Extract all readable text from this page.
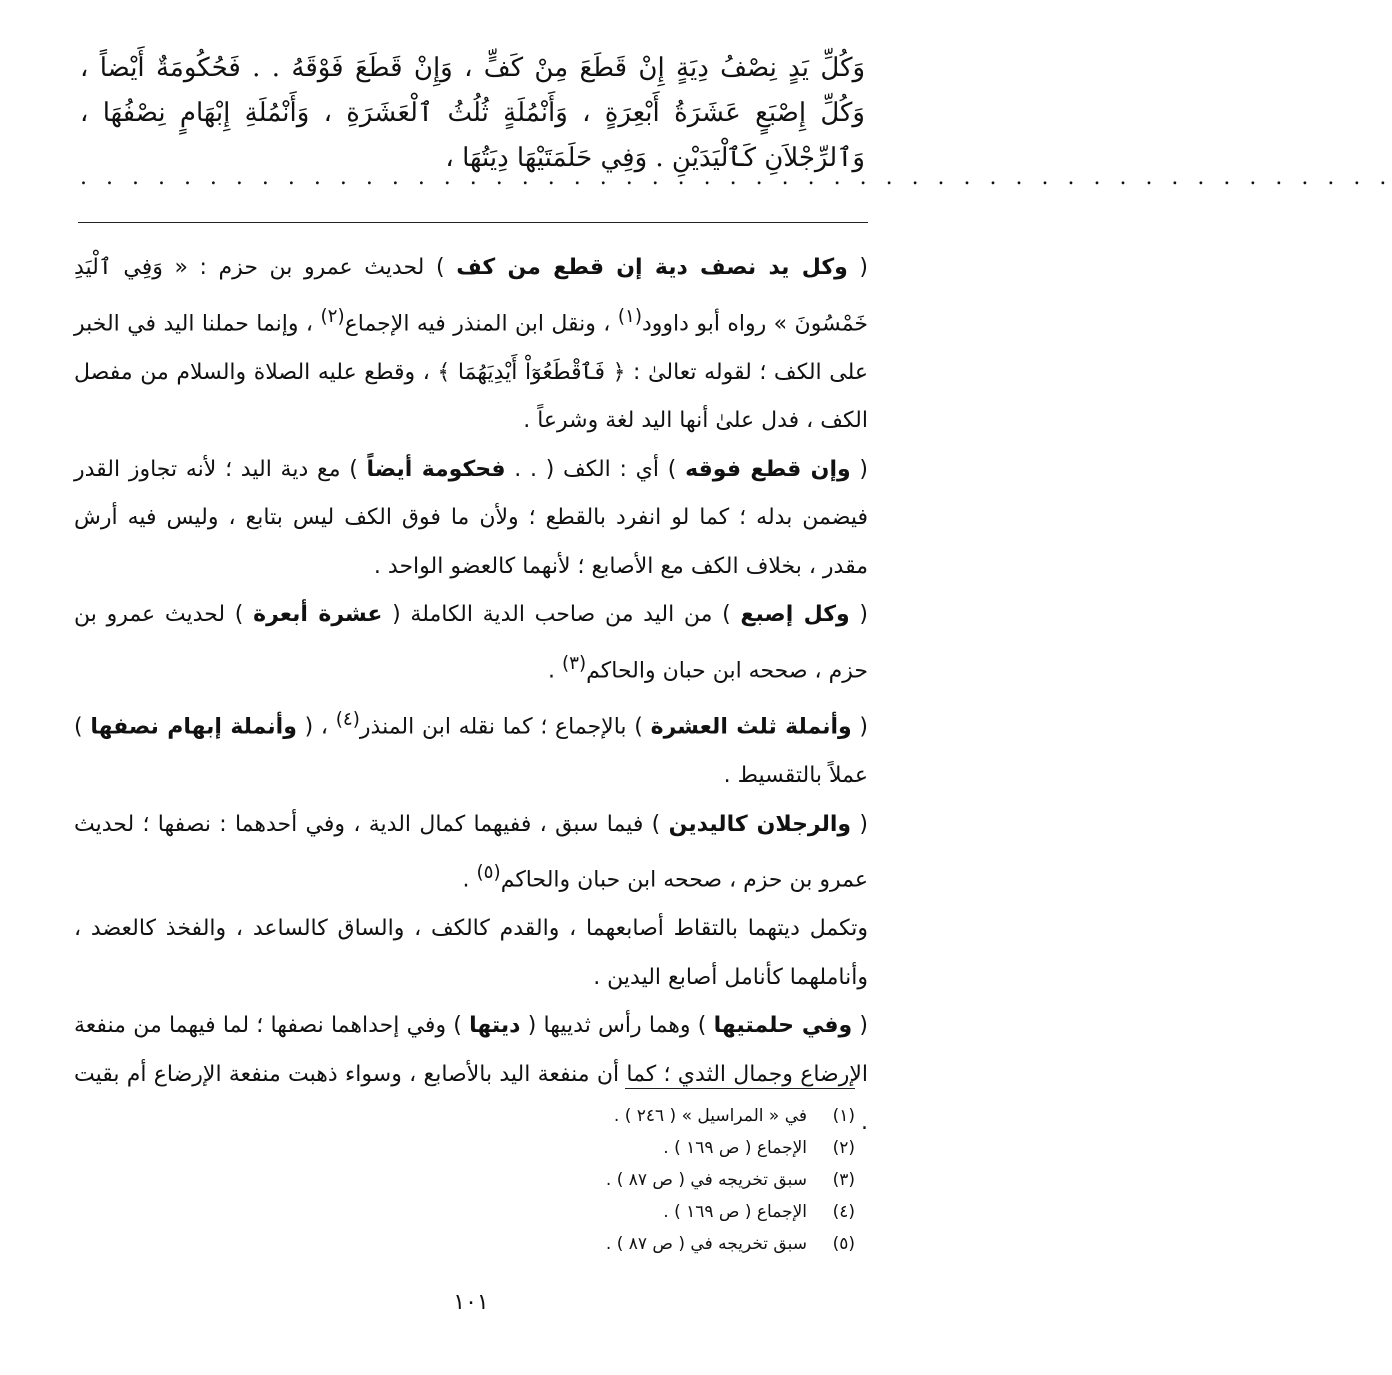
وَكُلِّ يَدٍ نِصْفُ دِيَةٍ إِنْ قَطَعَ مِنْ كَفٍّ ، وَإِنْ قَطَعَ فَوْقَهُ . . فَحُكُومَةٌ أَيْضاً ، وَكُلِّ إِصْبَعٍ عَشَرَةُ أَبْعِرَةٍ ، وَأَنْمُلَةٍ ثُلُثُ ٱلْعَشَرَةِ ، وَأَنْمُلَةِ إِبْهَامٍ نِصْفُهَا ، وَٱلرِّجْلاَنِ كَٱلْيَدَيْنِ . وَفِي حَلَمَتَيْهَا دِيَتُهَا ،

. . . . . . . . . . . . . . . . . . . . . . . . . . . . . . . . . . . . . . . . . . . . . . . . . . .

( وكل يد نصف دية إن قطع من كف ) لحديث عمرو بن حزم : « وَفِي ٱلْيَدِ خَمْسُونَ » رواه أبو داوود$^{(١)}$ ، ونقل ابن المنذر فيه الإجماع$^{(٢)}$ ، وإنما حملنا اليد في الخبر على الكف ؛ لقوله تعالىٰ : ﴿ فَٱقْطَعُوٓاْ أَيْدِيَهُمَا ﴾ ، وقطع عليه الصلاة والسلام من مفصل الكف ، فدل علىٰ أنها اليد لغة وشرعاً .

( وإن قطع فوقه ) أي : الكف ( . . فحكومة أيضاً ) مع دية اليد ؛ لأنه تجاوز القدر فيضمن بدله ؛ كما لو انفرد بالقطع ؛ ولأن ما فوق الكف ليس بتابع ، وليس فيه أرش مقدر ، بخلاف الكف مع الأصابع ؛ لأنهما كالعضو الواحد .

( وكل إصبع ) من اليد من صاحب الدية الكاملة ( عشرة أبعرة ) لحديث عمرو بن حزم ، صححه ابن حبان والحاكم$^{(٣)}$ .

( وأنملة ثلث العشرة ) بالإجماع ؛ كما نقله ابن المنذر$^{(٤)}$ ، ( وأنملة إبهام نصفها ) عملاً بالتقسيط .

( والرجلان كاليدين ) فيما سبق ، ففيهما كمال الدية ، وفي أحدهما : نصفها ؛ لحديث عمرو بن حزم ، صححه ابن حبان والحاكم$^{(٥)}$ .

وتكمل ديتهما بالتقاط أصابعهما ، والقدم كالكف ، والساق كالساعد ، والفخذ كالعضد ، وأناملهما كأنامل أصابع اليدين .

( وفي حلمتيها ) وهما رأس ثدييها ( ديتها ) وفي إحداهما نصفها ؛ لما فيهما من منفعة الإرضاع وجمال الثدي ؛ كما أن منفعة اليد بالأصابع ، وسواء ذهبت منفعة الإرضاع أم بقيت .

(١)
في « المراسيل » ( ٢٤٦ ) .
(٢)
الإجماع ( ص ١٦٩ ) .
(٣)
سبق تخريجه في ( ص ٨٧ ) .
(٤)
الإجماع ( ص ١٦٩ ) .
(٥)
سبق تخريجه في ( ص ٨٧ ) .
١٠١
